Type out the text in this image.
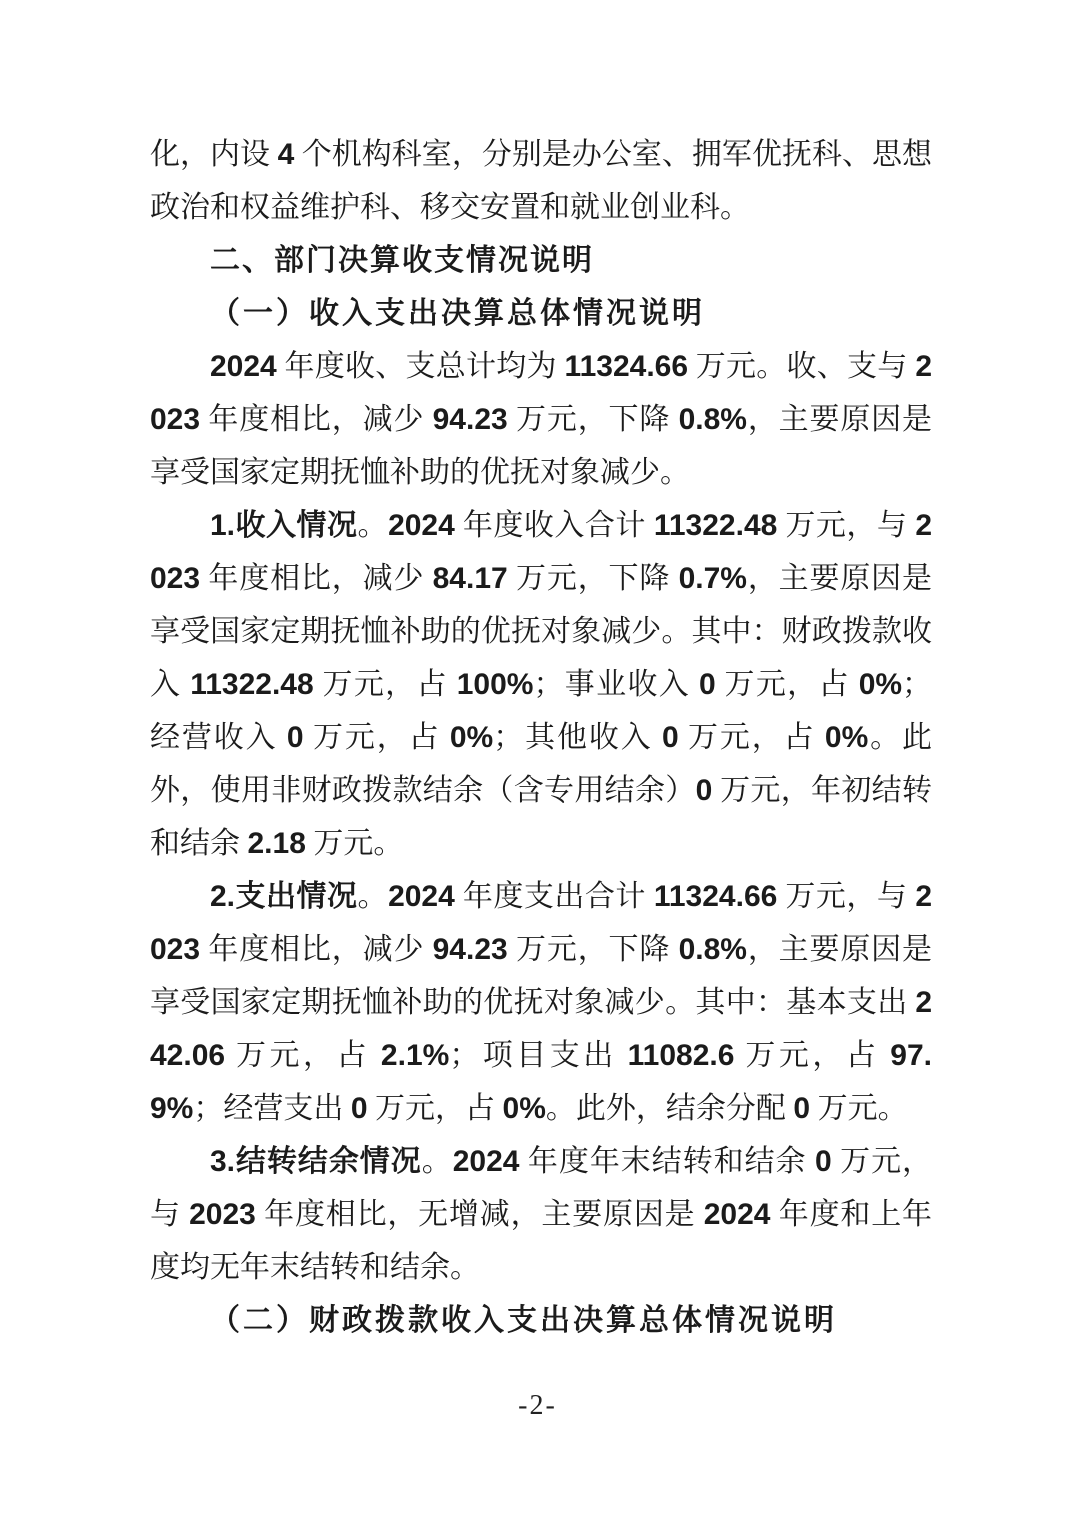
化，内设 4 个机构科室，分别是办公室、拥军优抚科、思想政治和权益维护科、移交安置和就业创业科。

二、部门决算收支情况说明

（一）收入支出决算总体情况说明

2024 年度收、支总计均为 11324.66 万元。收、支与 2023 年度相比，减少 94.23 万元，下降 0.8%，主要原因是享受国家定期抚恤补助的优抚对象减少。

1.收入情况。2024 年度收入合计 11322.48 万元，与 2023 年度相比，减少 84.17 万元，下降 0.7%，主要原因是享受国家定期抚恤补助的优抚对象减少。其中：财政拨款收入 11322.48 万元，占 100%；事业收入 0 万元，占 0%；经营收入 0 万元，占 0%；其他收入 0 万元，占 0%。此外，使用非财政拨款结余（含专用结余）0 万元，年初结转和结余 2.18 万元。

2.支出情况。2024 年度支出合计 11324.66 万元，与 2023 年度相比，减少 94.23 万元，下降 0.8%，主要原因是享受国家定期抚恤补助的优抚对象减少。其中：基本支出 242.06 万元，占 2.1%；项目支出 11082.6 万元，占 97.9%；经营支出 0 万元，占 0%。此外，结余分配 0 万元。

3.结转结余情况。2024 年度年末结转和结余 0 万元，与 2023 年度相比，无增减，主要原因是 2024 年度和上年度均无年末结转和结余。

（二）财政拨款收入支出决算总体情况说明

-2-
